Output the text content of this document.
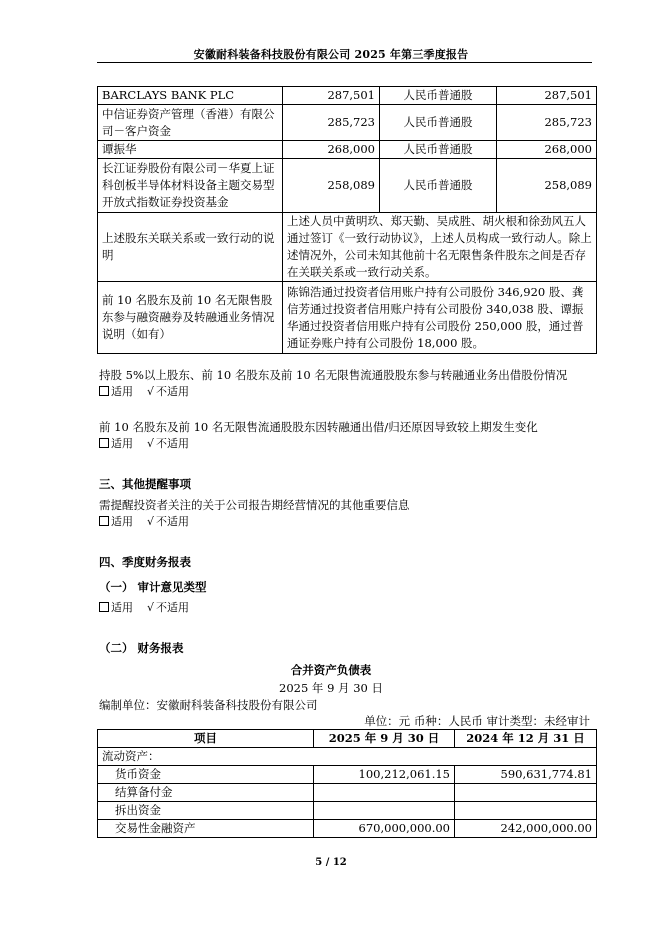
安徽耐科装备科技股份有限公司 2025 年第三季度报告
BARCLAYS BANK PLC	287,501	人民币普通股	287,501
中信证券资产管理（香港）有限公司－客户资金	285,723	人民币普通股	285,723
谭振华	268,000	人民币普通股	268,000
长江证券股份有限公司－华夏上证科创板半导体材料设备主题交易型开放式指数证券投资基金	258,089	人民币普通股	258,089
上述股东关联关系或一致行动的说明	上述人员中黄明玖、郑天勤、吴成胜、胡火根和徐劲风五人通过签订《一致行动协议》，上述人员构成一致行动人。除上述情况外，公司未知其他前十名无限售条件股东之间是否存在关联关系或一致行动关系。		
前 10 名股东及前 10 名无限售股东参与融资融券及转融通业务情况说明（如有）	陈锦浩通过投资者信用账户持有公司股份 346,920 股、龚信芳通过投资者信用账户持有公司股份 340,038 股、谭振华通过投资者信用账户持有公司股份 250,000 股，通过普通证券账户持有公司股份 18,000 股。		
持股 5%以上股东、前 10 名股东及前 10 名无限售流通股股东参与转融通业务出借股份情况
适用 √ 不适用
前 10 名股东及前 10 名无限售流通股股东因转融通出借/归还原因导致较上期发生变化
适用 √ 不适用
三、其他提醒事项
需提醒投资者关注的关于公司报告期经营情况的其他重要信息
适用 √ 不适用
四、季度财务报表
（一） 审计意见类型
适用 √ 不适用
（二） 财务报表
合并资产负债表
2025 年 9 月 30 日
编制单位：安徽耐科装备科技股份有限公司
单位：元 币种：人民币 审计类型：未经审计
项目	2025 年 9 月 30 日	2024 年 12 月 31 日
流动资产：		
货币资金	100,212,061.15	590,631,774.81
结算备付金		
拆出资金		
交易性金融资产	670,000,000.00	242,000,000.00
5 / 12
